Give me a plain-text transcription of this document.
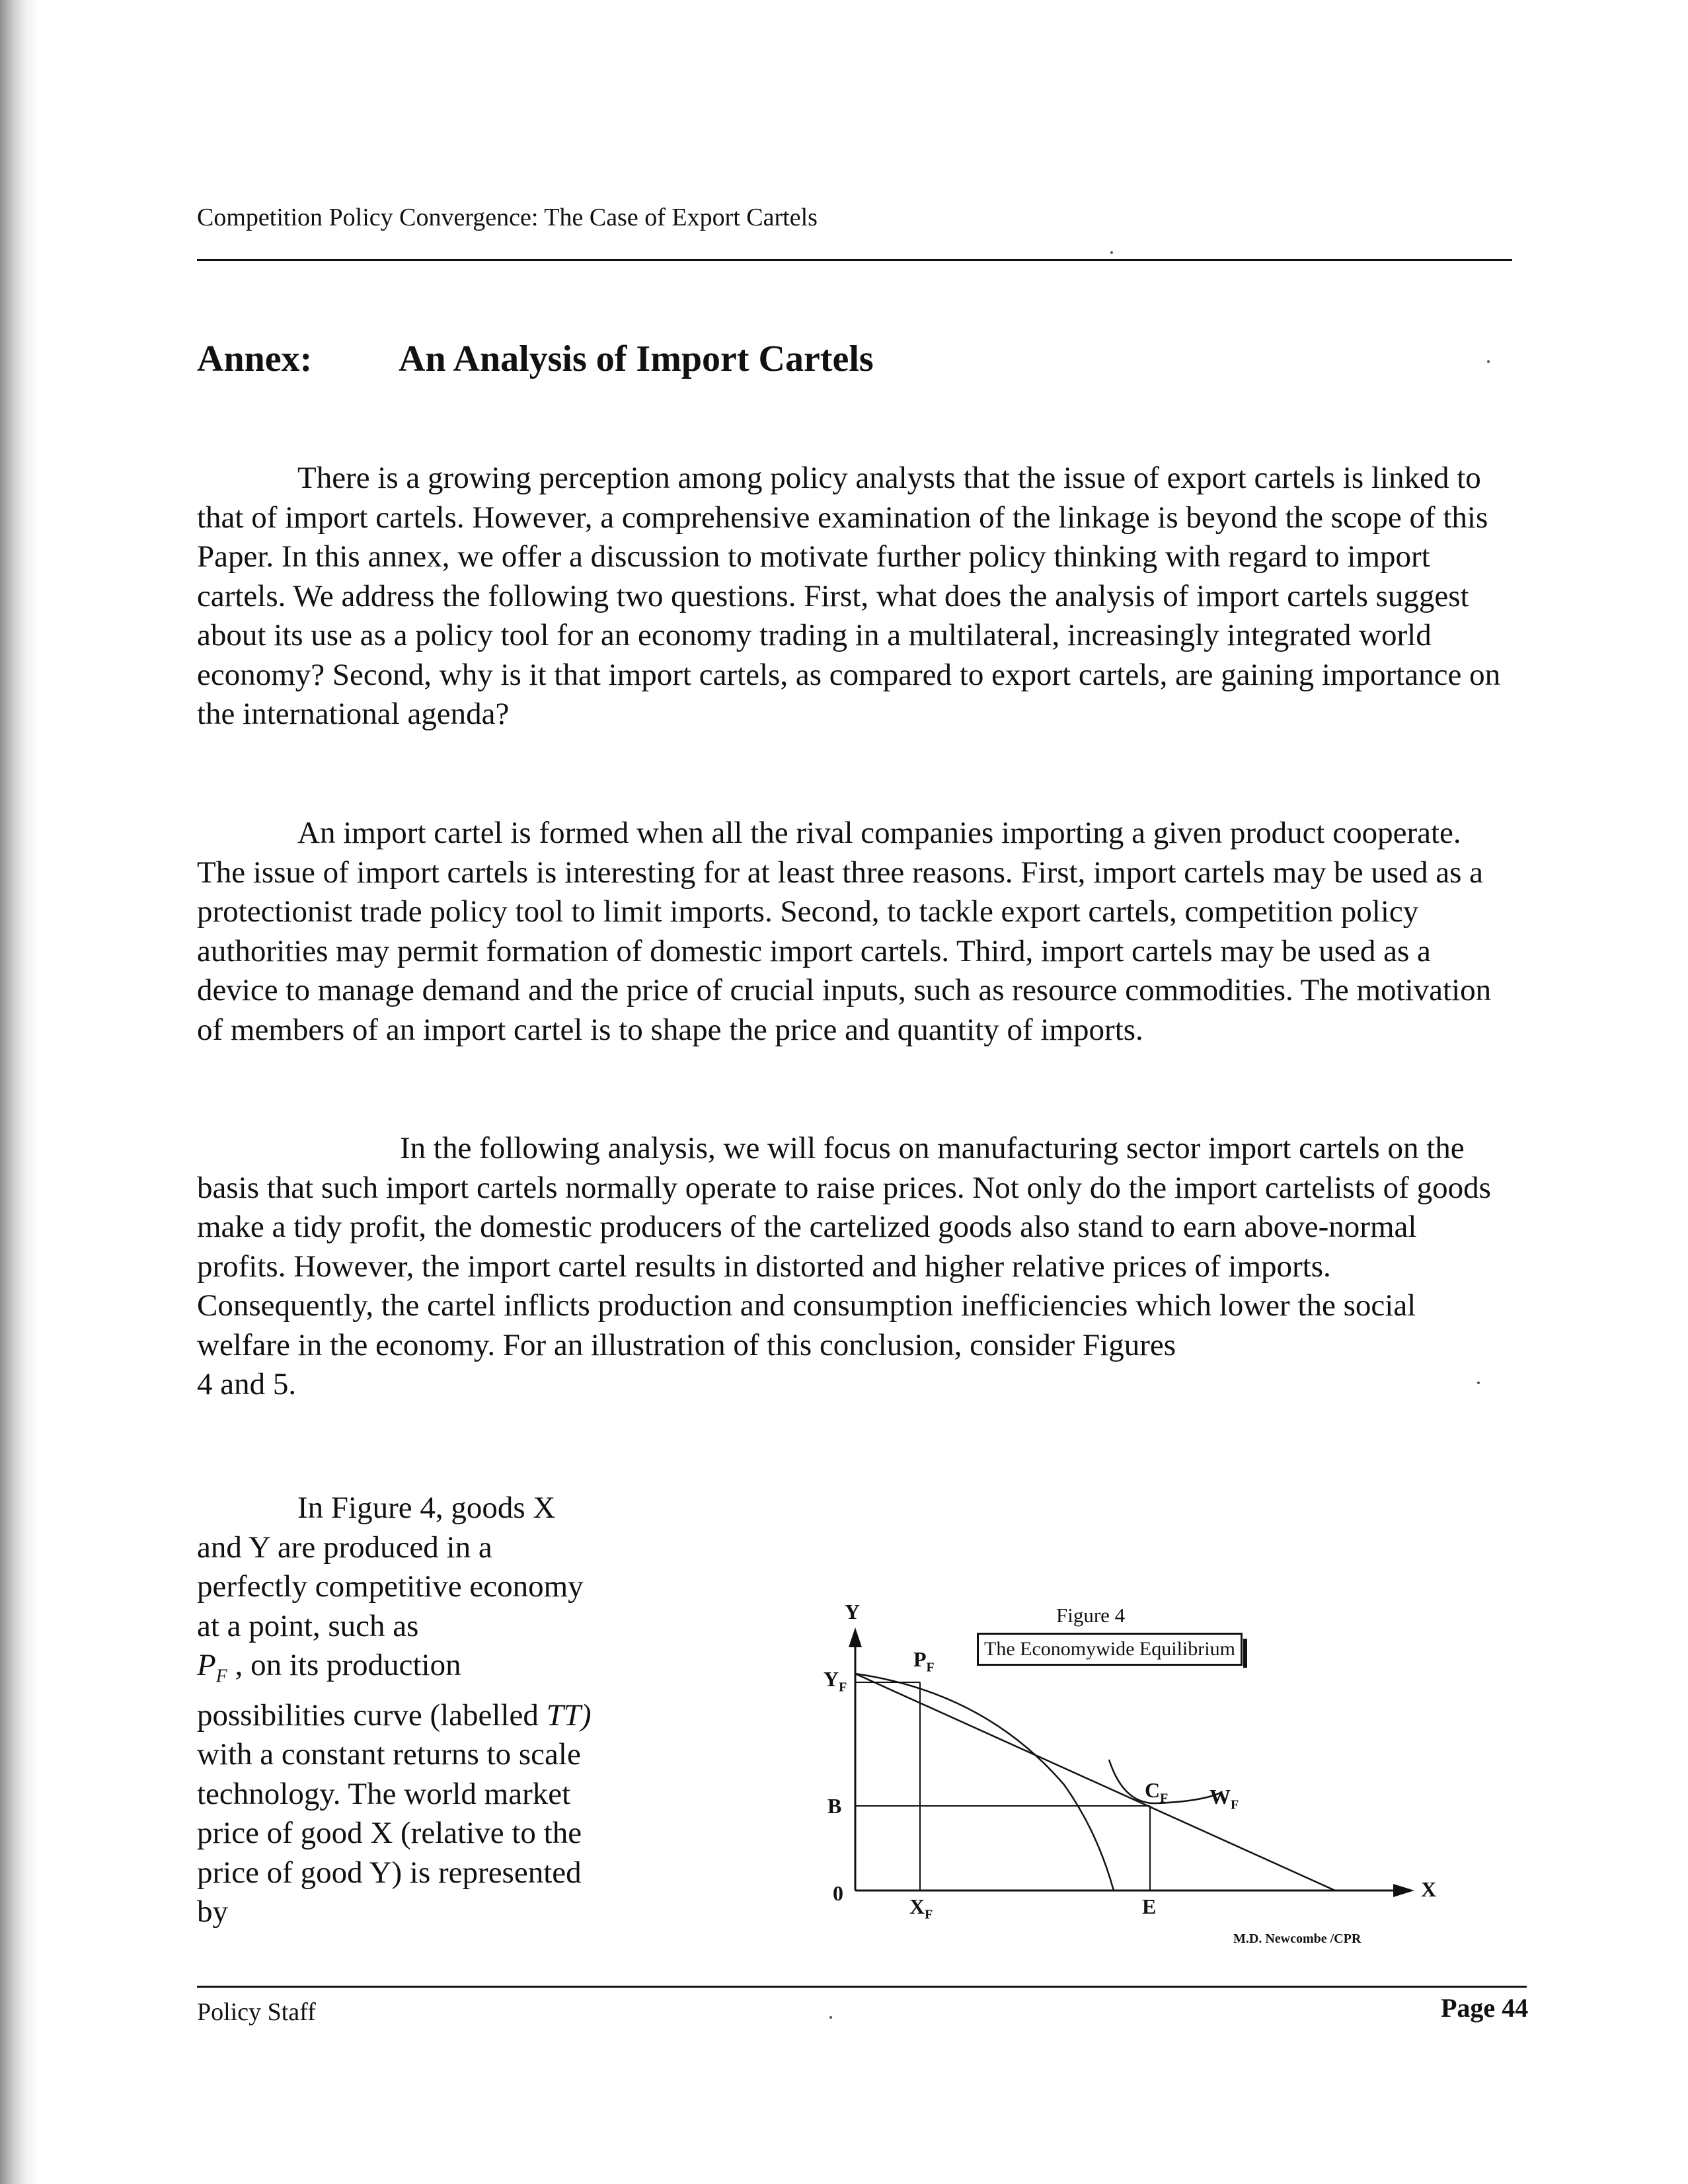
Competition Policy Convergence: The Case of Export Cartels
Annex: An Analysis of Import Cartels

There is a growing perception among policy analysts that the issue of export cartels is linked to that of import cartels. However, a comprehensive examination of the linkage is beyond the scope of this Paper. In this annex, we offer a discussion to motivate further policy thinking with regard to import cartels. We address the following two questions. First, what does the analysis of import cartels suggest about its use as a policy tool for an economy trading in a multilateral, increasingly integrated world economy? Second, why is it that import cartels, as compared to export cartels, are gaining importance on the international agenda?

An import cartel is formed when all the rival companies importing a given product cooperate. The issue of import cartels is interesting for at least three reasons. First, import cartels may be used as a protectionist trade policy tool to limit imports. Second, to tackle export cartels, competition policy authorities may permit formation of domestic import cartels. Third, import cartels may be used as a device to manage demand and the price of crucial inputs, such as resource commodities. The motivation of members of an import cartel is to shape the price and quantity of imports.

In the following analysis, we will focus on manufacturing sector import cartels on the basis that such import cartels normally operate to raise prices. Not only do the import cartelists of goods make a tidy profit, the domestic producers of the cartelized goods also stand to earn above-normal profits. However, the import cartel results in distorted and higher relative prices of imports. Consequently, the cartel inflicts production and consumption inefficiencies which lower the social welfare in the economy. For an illustration of this conclusion, consider Figures
4 and 5.

In Figure 4, goods X and Y are produced in a perfectly competitive economy at a point, such as
$P_F$ , on its production possibilities curve (labelled TT) with a constant returns to scale technology. The world market price of good X (relative to the price of good Y) is represented by

Figure 4
The Economywide Equilibrium
Y
X
0
$Y_F$
B
$P_F$
$C_F$ $W_F$
$X_F$	E
M.D. Newcombe /CPR
Policy Staff	Page 44
